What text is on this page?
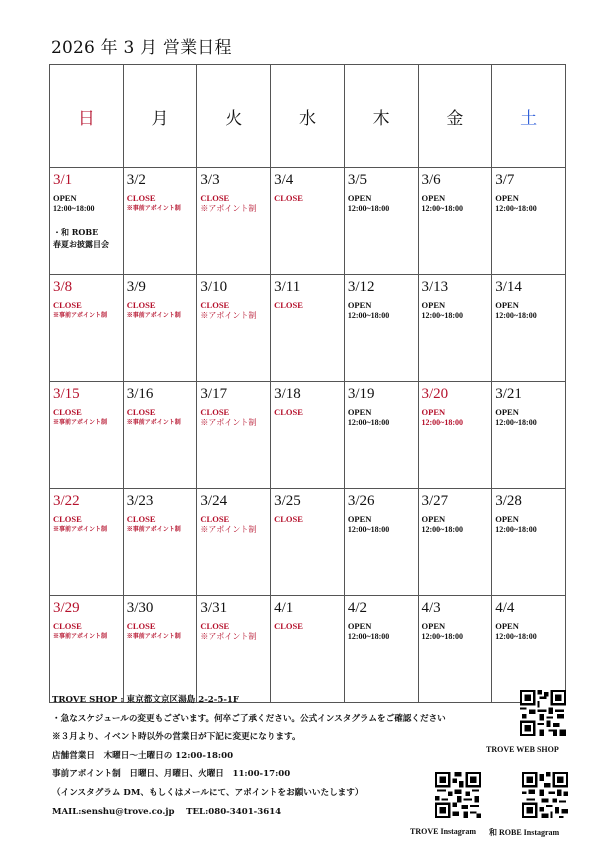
2026 年 3 月 営業日程
日	月	火	水	木	金	土

3/1
OPEN
12:00~18:00
・和 ROBE
春夏お披露目会	3/2
CLOSE
※事前アポイント制	3/3
CLOSE
※アポイント制	3/4
CLOSE	3/5
OPEN
12:00~18:00	3/6
OPEN
12:00~18:00	3/7
OPEN
12:00~18:00

3/8
CLOSE
※事前アポイント制	3/9
CLOSE
※事前アポイント制	3/10
CLOSE
※アポイント制	3/11
CLOSE	3/12
OPEN
12:00~18:00	3/13
OPEN
12:00~18:00	3/14
OPEN
12:00~18:00

3/15
CLOSE
※事前アポイント制	3/16
CLOSE
※事前アポイント制	3/17
CLOSE
※アポイント制	3/18
CLOSE	3/19
OPEN
12:00~18:00	3/20
OPEN
12:00~18:00	3/21
OPEN
12:00~18:00

3/22
CLOSE
※事前アポイント制	3/23
CLOSE
※事前アポイント制	3/24
CLOSE
※アポイント制	3/25
CLOSE	3/26
OPEN
12:00~18:00	3/27
OPEN
12:00~18:00	3/28
OPEN
12:00~18:00

3/29
CLOSE
※事前アポイント制	3/30
CLOSE
※事前アポイント制	3/31
CLOSE
※アポイント制	4/1
CLOSE	4/2
OPEN
12:00~18:00	4/3
OPEN
12:00~18:00	4/4
OPEN
12:00~18:00
TROVE SHOP : 東京都文京区湯島 2-2-5-1F
・急なスケジュールの変更もございます。何卒ご了承ください。公式インスタグラムをご確認ください
※３月より、イベント時以外の営業日が下記に変更になります。
店舗営業日　木曜日〜土曜日の 12:00-18:00
事前アポイント制　日曜日、月曜日、火曜日　11:00-17:00
（インスタグラム DM、もしくはメールにて、アポイントをお願いいたします）
MAIL:senshu@trove.co.jp　 TEL:080-3401-3614
TROVE WEB SHOP
TROVE Instagram 和 ROBE Instagram
